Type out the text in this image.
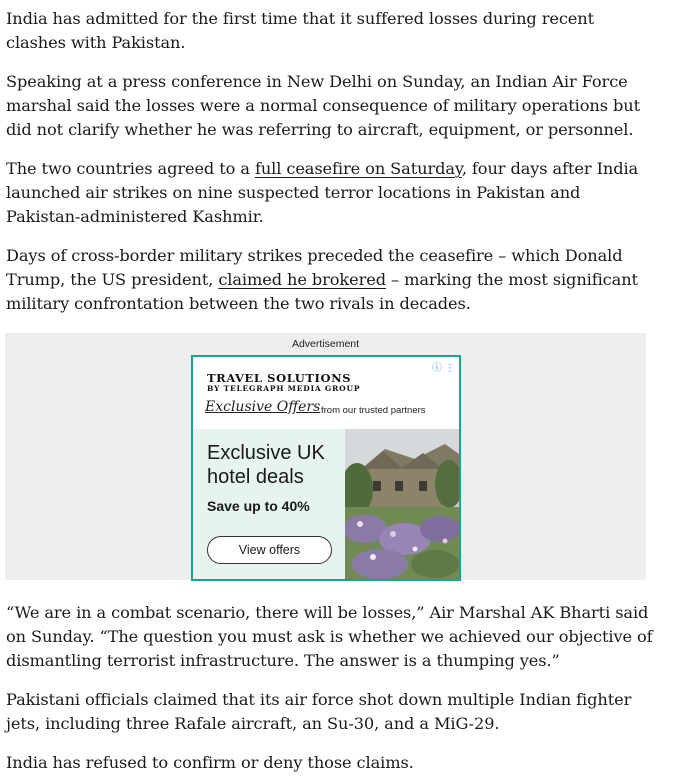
India has admitted for the first time that it suffered losses during recent clashes with Pakistan.

Speaking at a press conference in New Delhi on Sunday, an Indian Air Force marshal said the losses were a normal consequence of military operations but did not clarify whether he was referring to aircraft, equipment, or personnel.

The two countries agreed to a full ceasefire on Saturday, four days after India launched air strikes on nine suspected terror locations in Pakistan and Pakistan-administered Kashmir.

Days of cross-border military strikes preceded the ceasefire – which Donald Trump, the US president, claimed he brokered – marking the most significant military confrontation between the two rivals in decades.

Advertisement
ⓘ ⋮
TRAVEL SOLUTIONS
BY TELEGRAPH MEDIA GROUP
Exclusive Offers from our trusted partners
Exclusive UK hotel deals
Save up to 40%
View offers

“We are in a combat scenario, there will be losses,” Air Marshal AK Bharti said on Sunday. “The question you must ask is whether we achieved our objective of dismantling terrorist infrastructure. The answer is a thumping yes.”

Pakistani officials claimed that its air force shot down multiple Indian fighter jets, including three Rafale aircraft, an Su-30, and a MiG-29.

India has refused to confirm or deny those claims.
